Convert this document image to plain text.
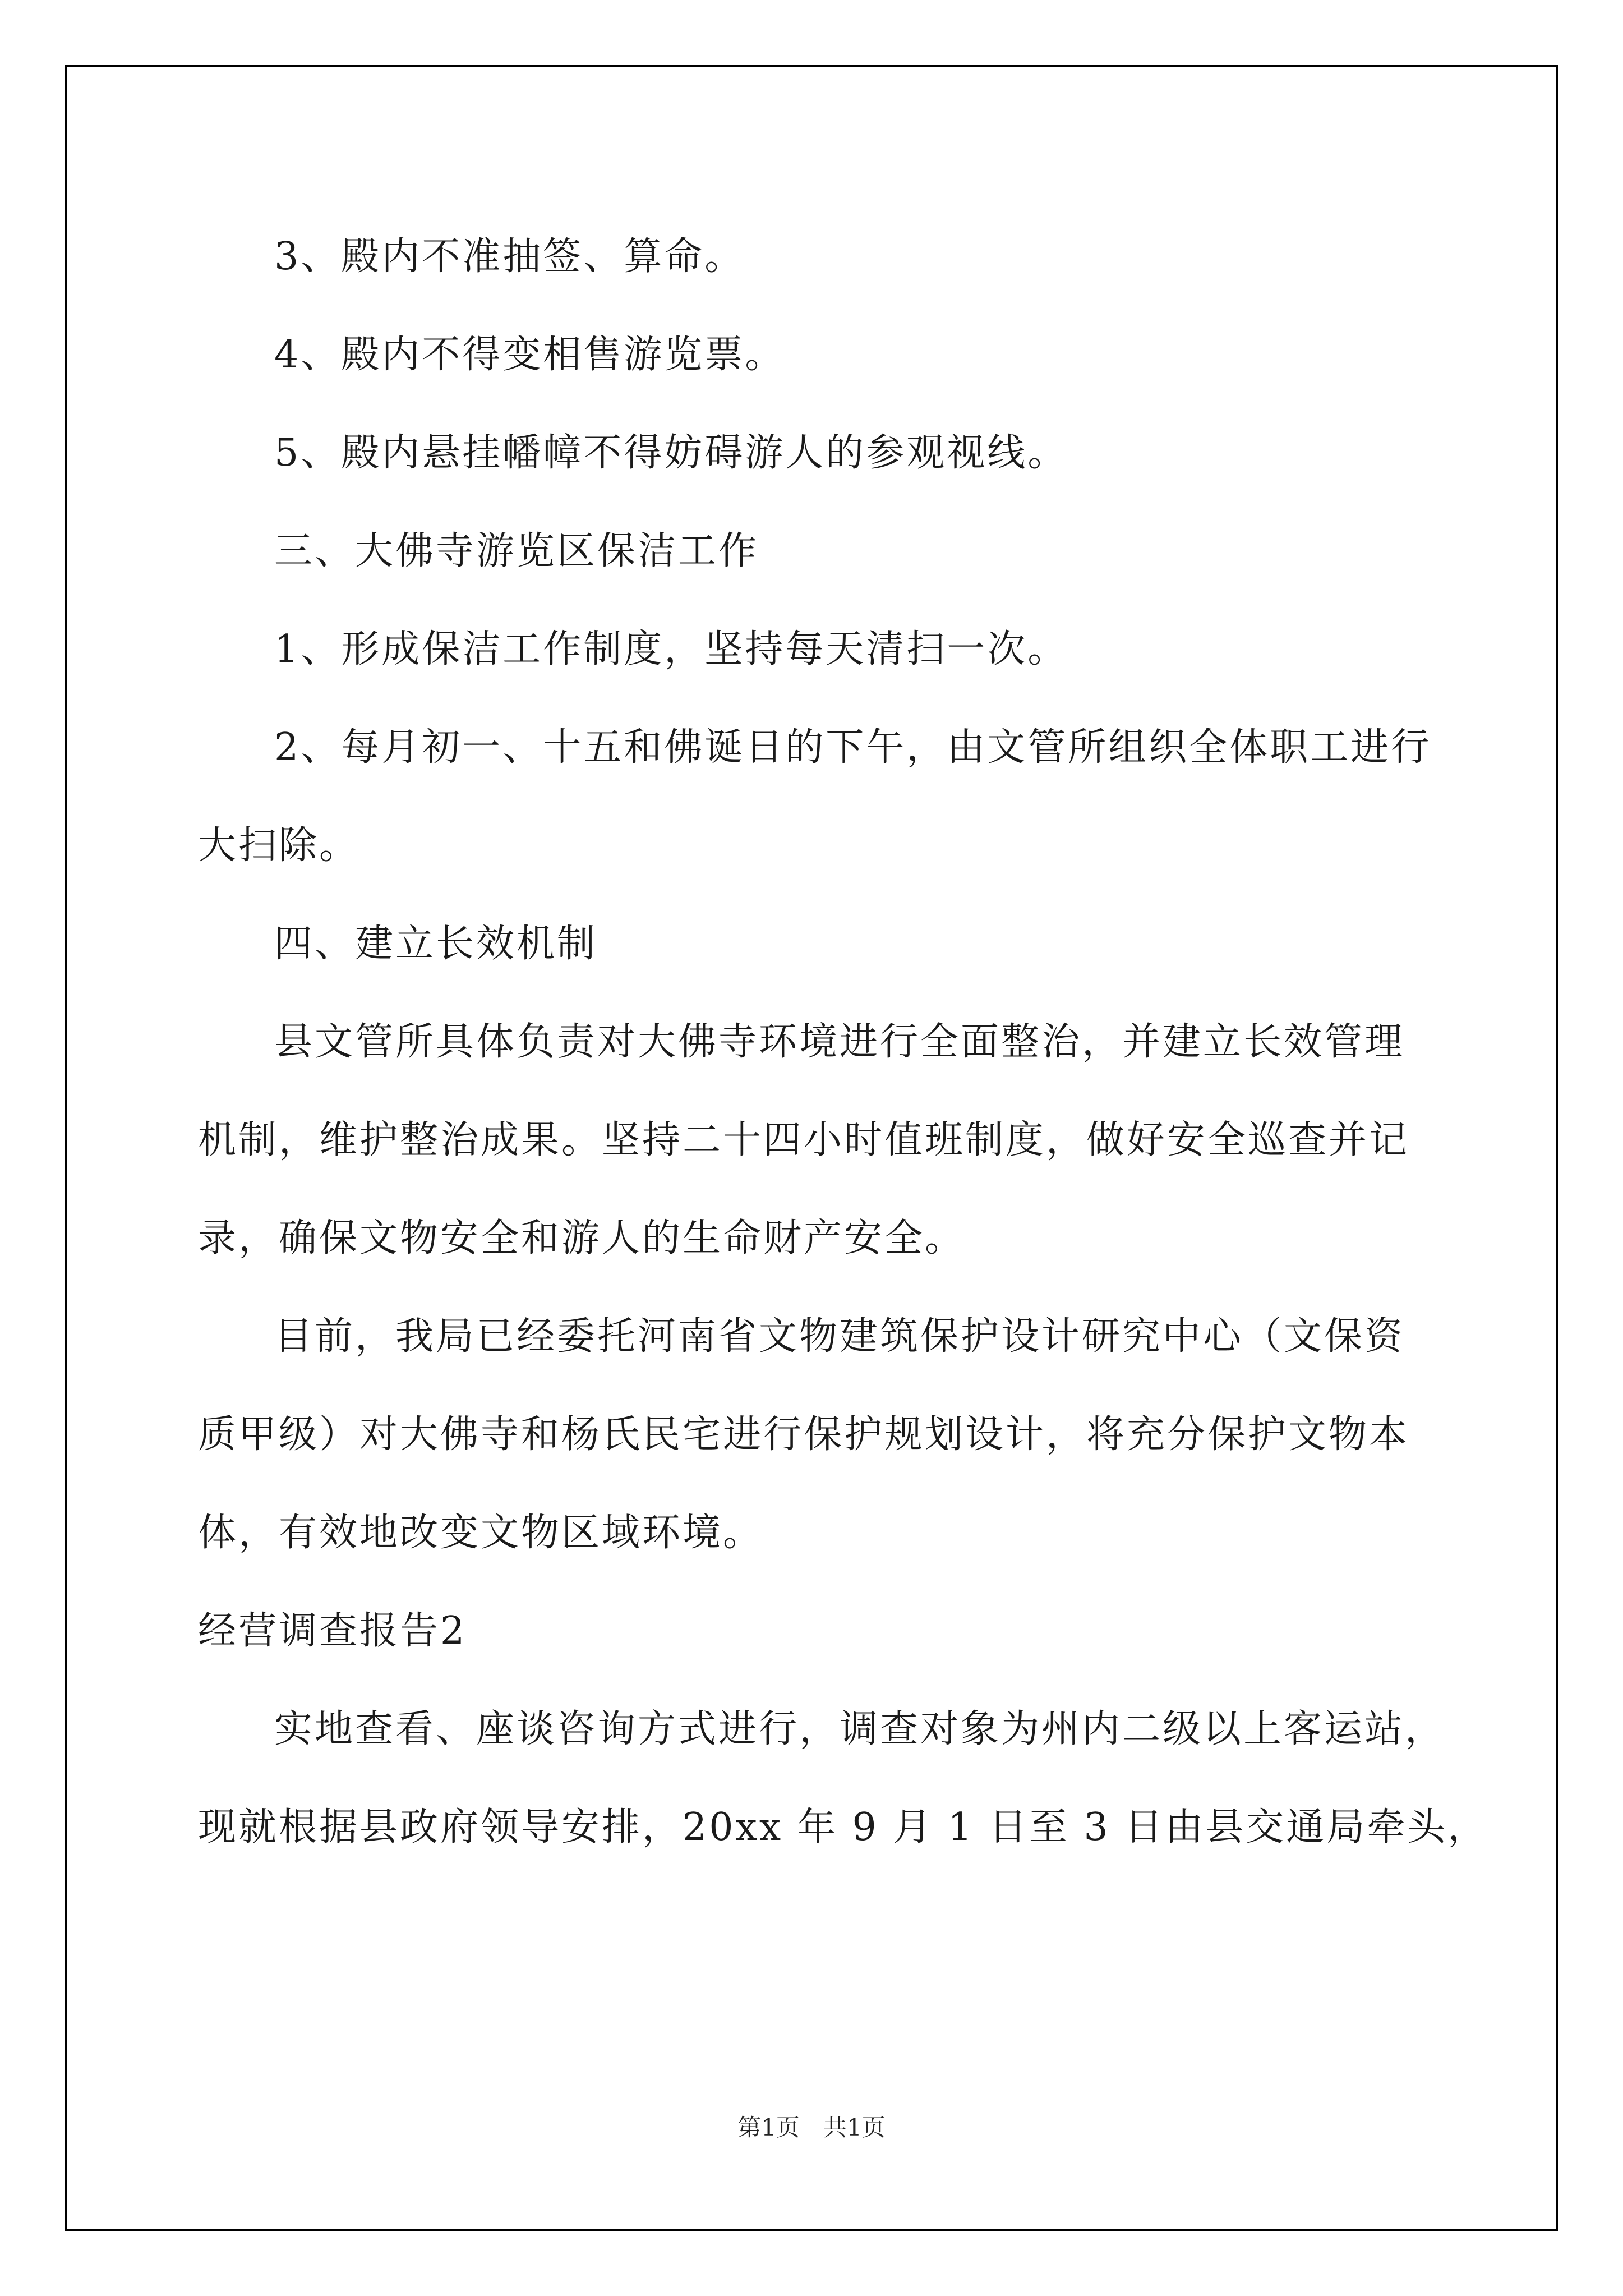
3、殿内不准抽签、算命。
4、殿内不得变相售游览票。
5、殿内悬挂幡幛不得妨碍游人的参观视线。
三、大佛寺游览区保洁工作
1、形成保洁工作制度，坚持每天清扫一次。
2、每月初一、十五和佛诞日的下午，由文管所组织全体职工进行
大扫除。
四、建立长效机制
县文管所具体负责对大佛寺环境进行全面整治，并建立长效管理
机制，维护整治成果。坚持二十四小时值班制度，做好安全巡查并记
录，确保文物安全和游人的生命财产安全。
目前，我局已经委托河南省文物建筑保护设计研究中心（文保资
质甲级）对大佛寺和杨氏民宅进行保护规划设计，将充分保护文物本
体，有效地改变文物区域环境。
经营调查报告2
实地查看、座谈咨询方式进行，调查对象为州内二级以上客运站，
现就根据县政府领导安排，20xx 年 9 月 1 日至 3 日由县交通局牵头，
第1页　共1页
